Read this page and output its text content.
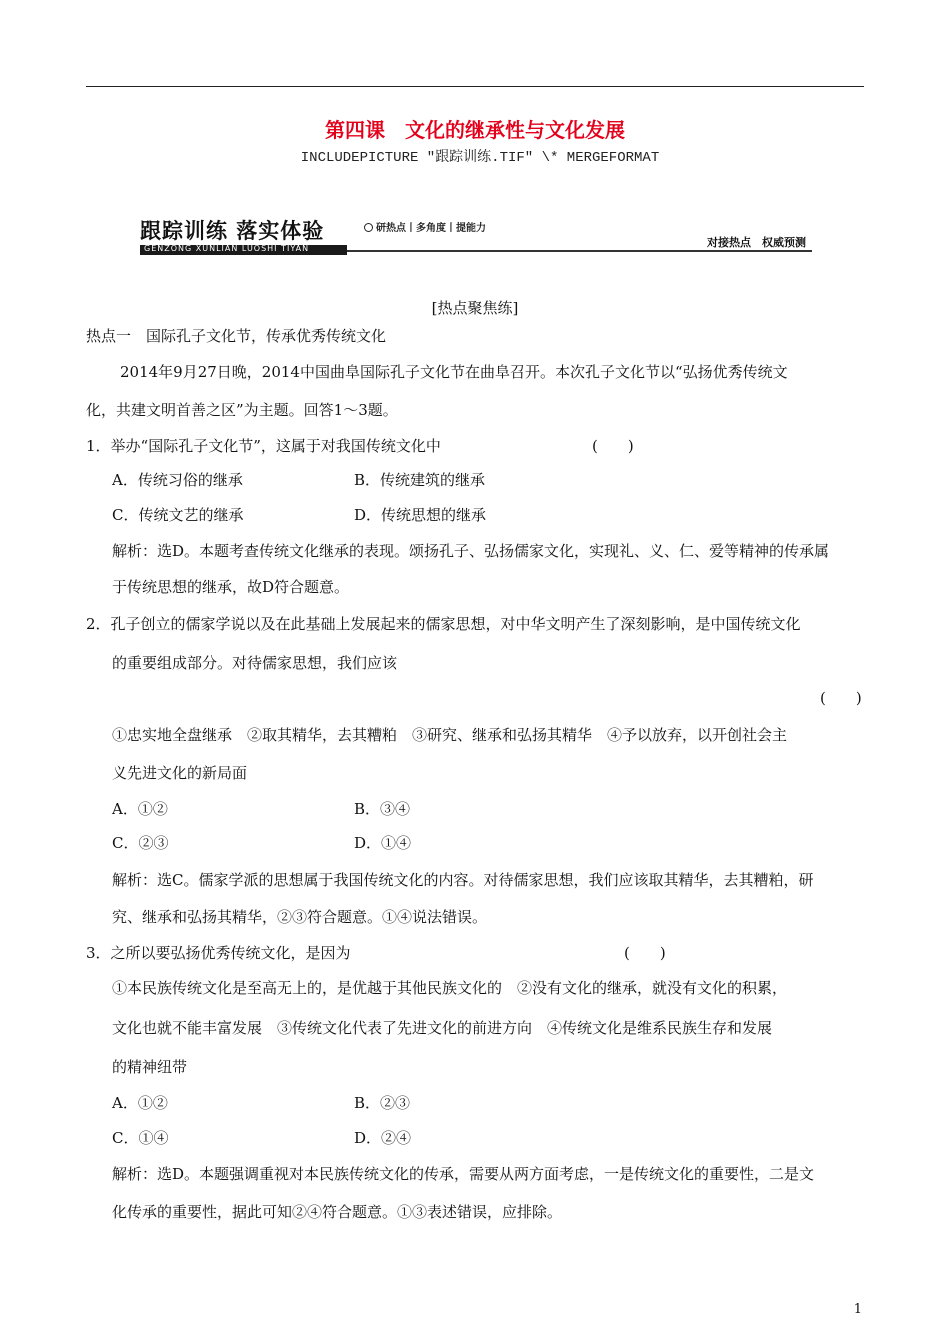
第四课　文化的继承性与文化发展
INCLUDEPICTURE "跟踪训练.TIF" \* MERGEFORMAT
跟踪训练 落实体验	研热点丨多角度丨提能力
GENZONG XUNLIAN LUOSHI TIYAN	对接热点　权威预测
[热点聚焦练]
热点一　国际孔子文化节，传承优秀传统文化
2014年9月27日晚，2014中国曲阜国际孔子文化节在曲阜召开。本次孔子文化节以“弘扬优秀传统文
化，共建文明首善之区”为主题。回答1～3题。
1．举办“国际孔子文化节”，这属于对我国传统文化中	(　　)
A．传统习俗的继承	B．传统建筑的继承
C．传统文艺的继承	D．传统思想的继承
解析：选D。本题考查传统文化继承的表现。颂扬孔子、弘扬儒家文化，实现礼、义、仁、爱等精神的传承属
于传统思想的继承，故D符合题意。
2．孔子创立的儒家学说以及在此基础上发展起来的儒家思想，对中华文明产生了深刻影响，是中国传统文化
的重要组成部分。对待儒家思想，我们应该
(　　)
①忠实地全盘继承　②取其精华，去其糟粕　③研究、继承和弘扬其精华　④予以放弃，以开创社会主
义先进文化的新局面
A．①②	B．③④
C．②③	D．①④
解析：选C。儒家学派的思想属于我国传统文化的内容。对待儒家思想，我们应该取其精华，去其糟粕，研
究、继承和弘扬其精华，②③符合题意。①④说法错误。
3．之所以要弘扬优秀传统文化，是因为	(　　)
①本民族传统文化是至高无上的，是优越于其他民族文化的　②没有文化的继承，就没有文化的积累，
文化也就不能丰富发展　③传统文化代表了先进文化的前进方向　④传统文化是维系民族生存和发展
的精神纽带
A．①②	B．②③
C．①④	D．②④
解析：选D。本题强调重视对本民族传统文化的传承，需要从两方面考虑，一是传统文化的重要性，二是文
化传承的重要性，据此可知②④符合题意。①③表述错误，应排除。
1
